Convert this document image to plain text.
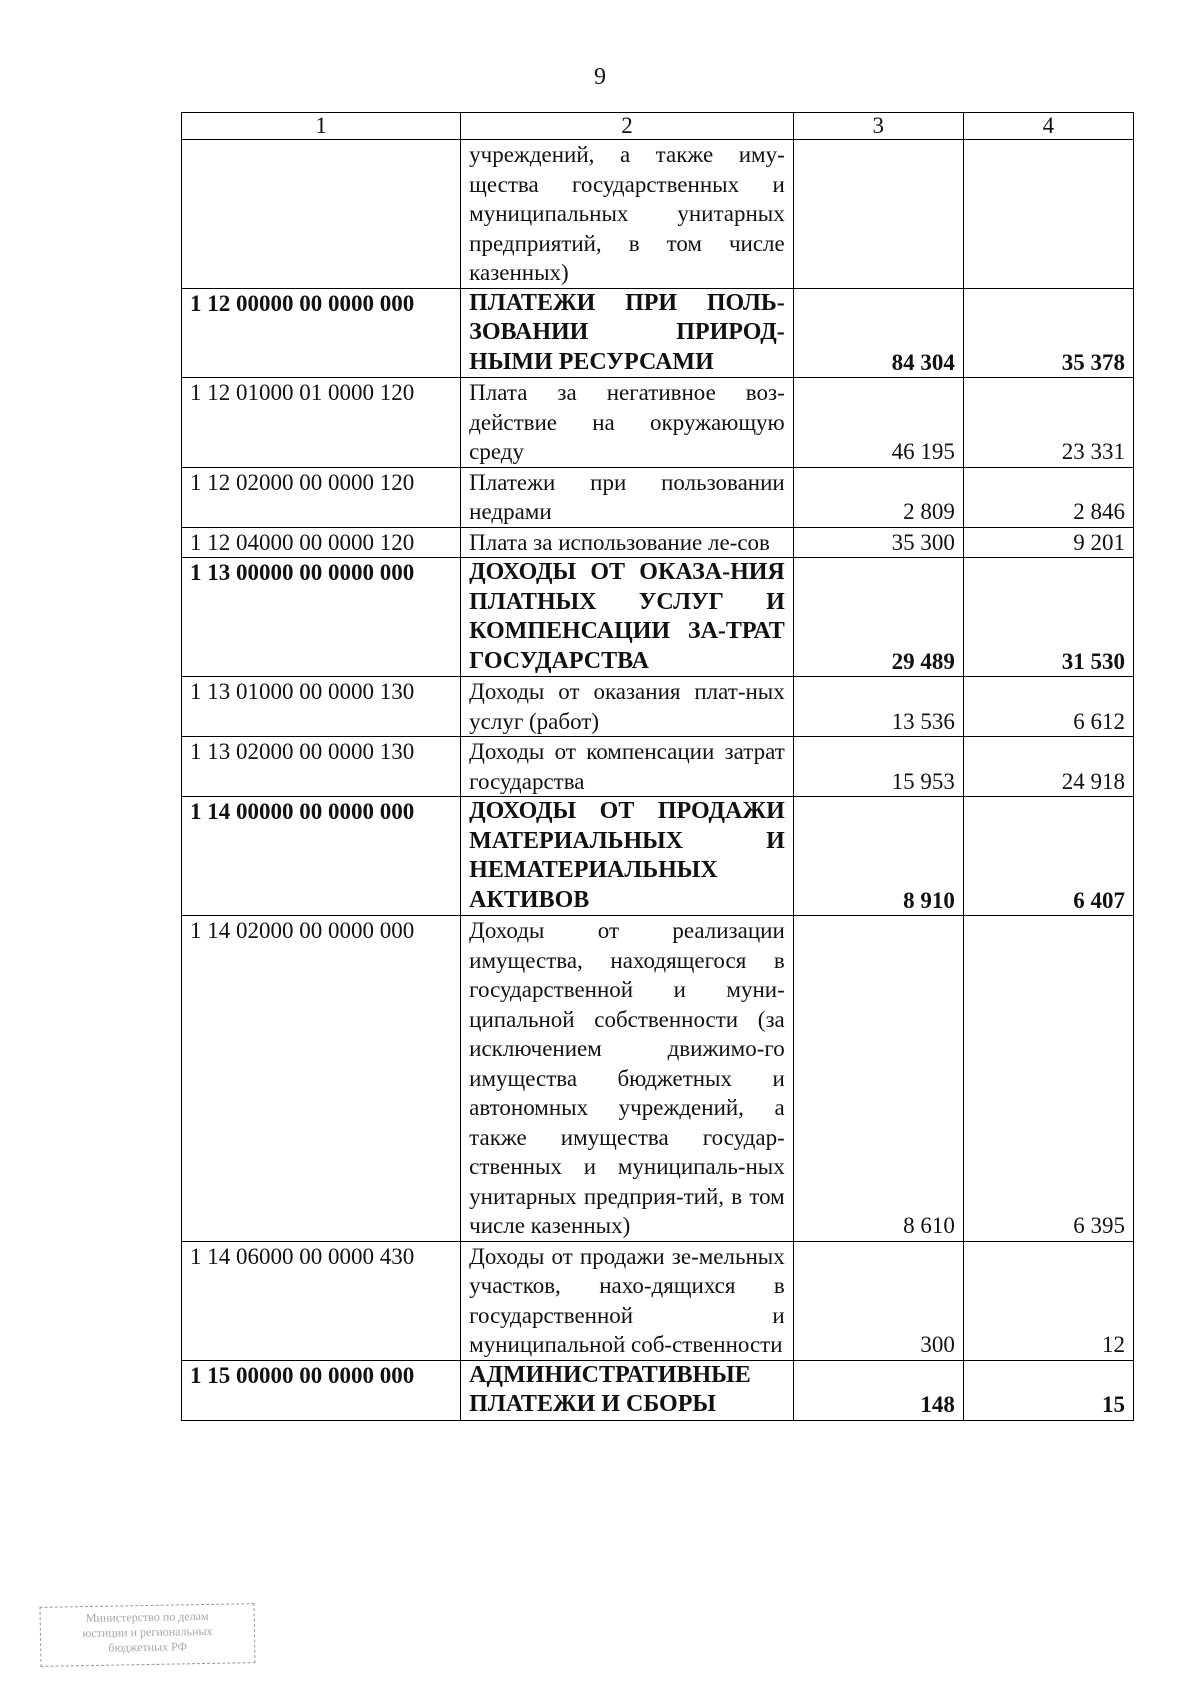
9
1	2	3	4
	учреждений, а также иму-щества государственных и муниципальных унитарных предприятий, в том числе казенных)		
1 12 00000 00 0000 000	ПЛАТЕЖИ ПРИ ПОЛЬ-ЗОВАНИИ ПРИРОД-НЫМИ РЕСУРСАМИ	84 304	35 378
1 12 01000 01 0000 120	Плата за негативное воз-действие на окружающую среду	46 195	23 331
1 12 02000 00 0000 120	Платежи при пользовании недрами	2 809	2 846
1 12 04000 00 0000 120	Плата за использование ле-сов	35 300	9 201
1 13 00000 00 0000 000	ДОХОДЫ ОТ ОКАЗА-НИЯ ПЛАТНЫХ УСЛУГ И КОМПЕНСАЦИИ ЗА-ТРАТ ГОСУДАРСТВА	29 489	31 530
1 13 01000 00 0000 130	Доходы от оказания плат-ных услуг (работ)	13 536	6 612
1 13 02000 00 0000 130	Доходы от компенсации затрат государства	15 953	24 918
1 14 00000 00 0000 000	ДОХОДЫ ОТ ПРОДАЖИ МАТЕРИАЛЬНЫХ И НЕМАТЕРИАЛЬНЫХ АКТИВОВ	8 910	6 407
1 14 02000 00 0000 000	Доходы от реализации имущества, находящегося в государственной и муни-ципальной собственности (за исключением движимо-го имущества бюджетных и автономных учреждений, а также имущества государ-ственных и муниципаль-ных унитарных предприя-тий, в том числе казенных)	8 610	6 395
1 14 06000 00 0000 430	Доходы от продажи зе-мельных участков, нахо-дящихся в государственной и муниципальной соб-ственности	300	12
1 15 00000 00 0000 000	АДМИНИСТРАТИВНЫЕ ПЛАТЕЖИ И СБОРЫ	148	15
Министерство по делам
юстиции и региональных
бюджетных РФ
